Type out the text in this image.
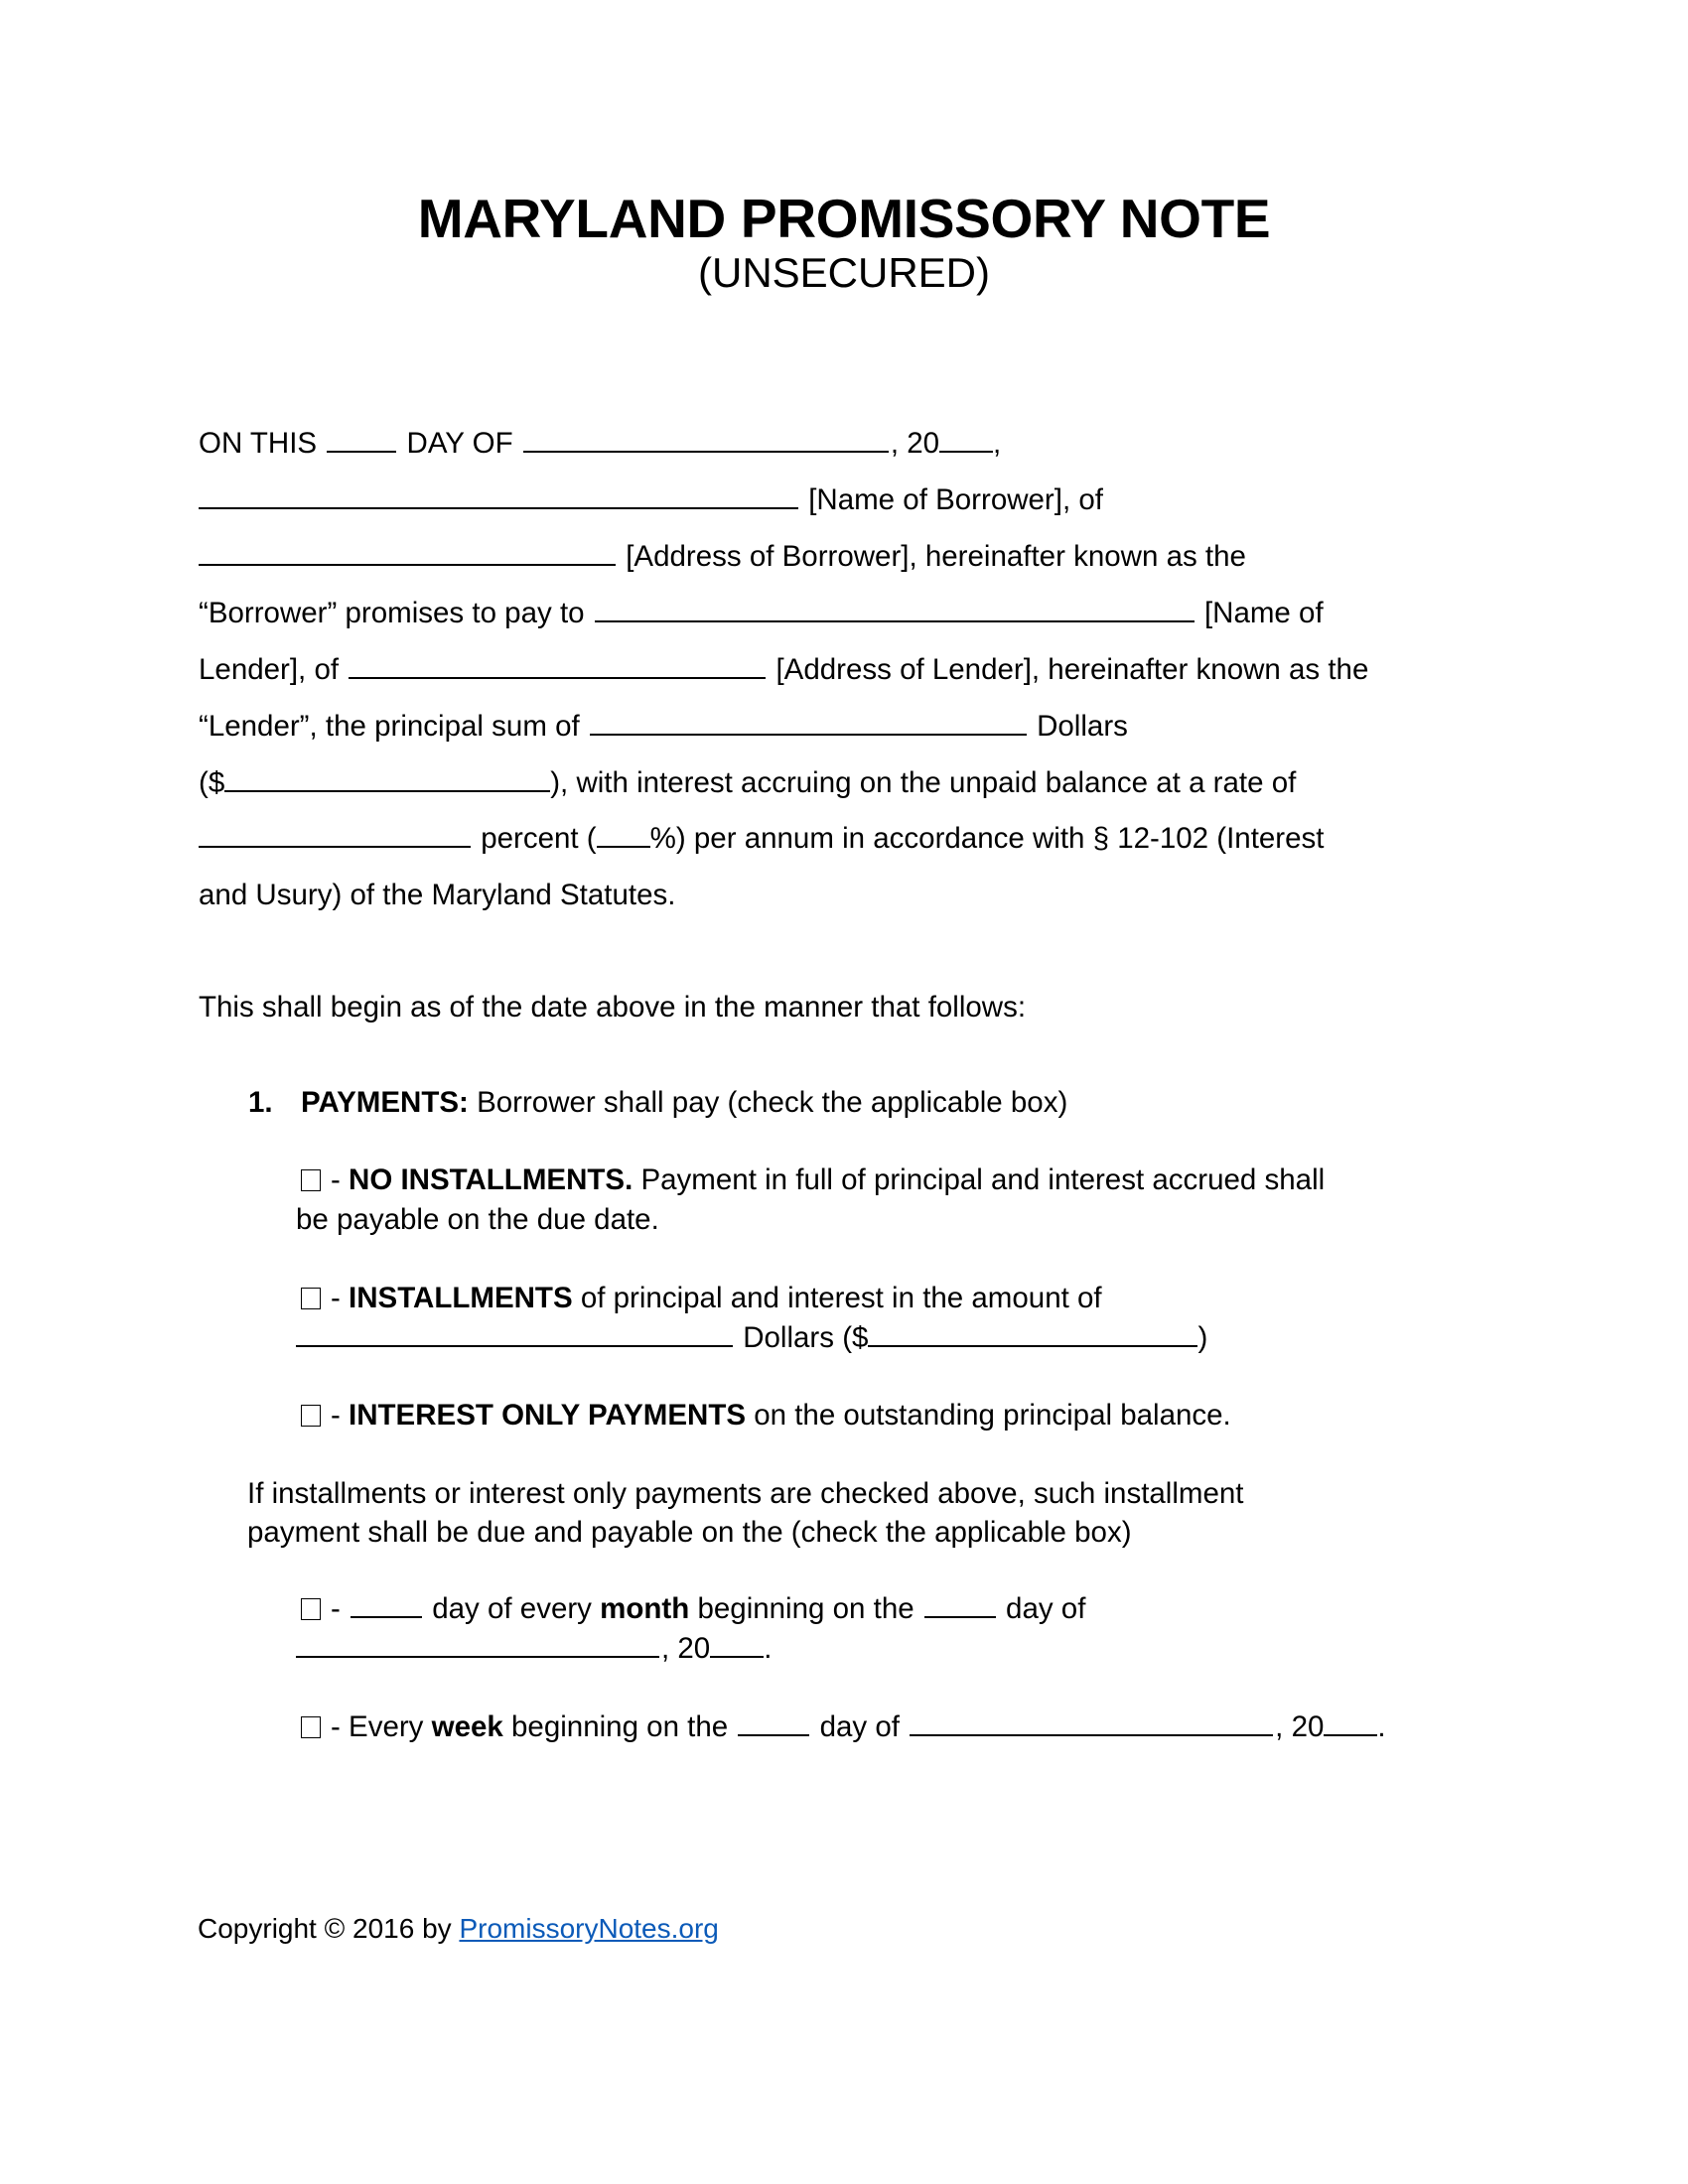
MARYLAND PROMISSORY NOTE
(UNSECURED)
ON THIS	DAY OF	, 20 ,
[Name of Borrower], of
[Address of Borrower], hereinafter known as the
“Borrower” promises to pay to	[Name of
Lender], of	[Address of Lender], hereinafter known as the
“Lender”, the principal sum of	Dollars
($	), with interest accruing on the unpaid balance at a rate of
percent ( %) per annum in accordance with § 12-102 (Interest
and Usury) of the Maryland Statutes.
This shall begin as of the date above in the manner that follows:
1. PAYMENTS: Borrower shall pay (check the applicable box)
- NO INSTALLMENTS. Payment in full of principal and interest accrued shall
be payable on the due date.
- INSTALLMENTS of principal and interest in the amount of
Dollars ($	)
- INTEREST ONLY PAYMENTS on the outstanding principal balance.
If installments or interest only payments are checked above, such installment
payment shall be due and payable on the (check the applicable box)
-	day of every month beginning on the	day of
, 20 .
- Every week beginning on the	day of	, 20 .
Copyright © 2016 by PromissoryNotes.org
